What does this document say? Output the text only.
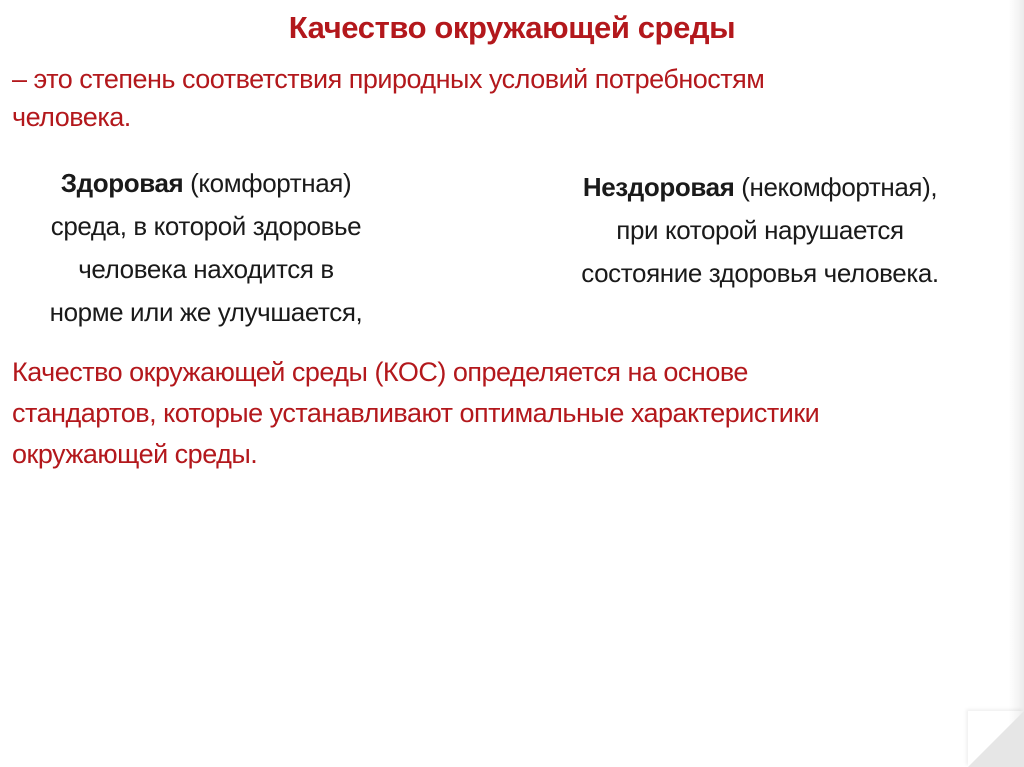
Качество окружающей среды

– это степень соответствия природных условий потребностям
человека.

Здоровая (комфортная)
среда, в которой здоровье
человека находится в
норме или же улучшается,

Нездоровая (некомфортная),
при которой нарушается
состояние здоровья человека.

Качество окружающей среды (КОС) определяется на основе
стандартов, которые устанавливают оптимальные характеристики
окружающей среды.
